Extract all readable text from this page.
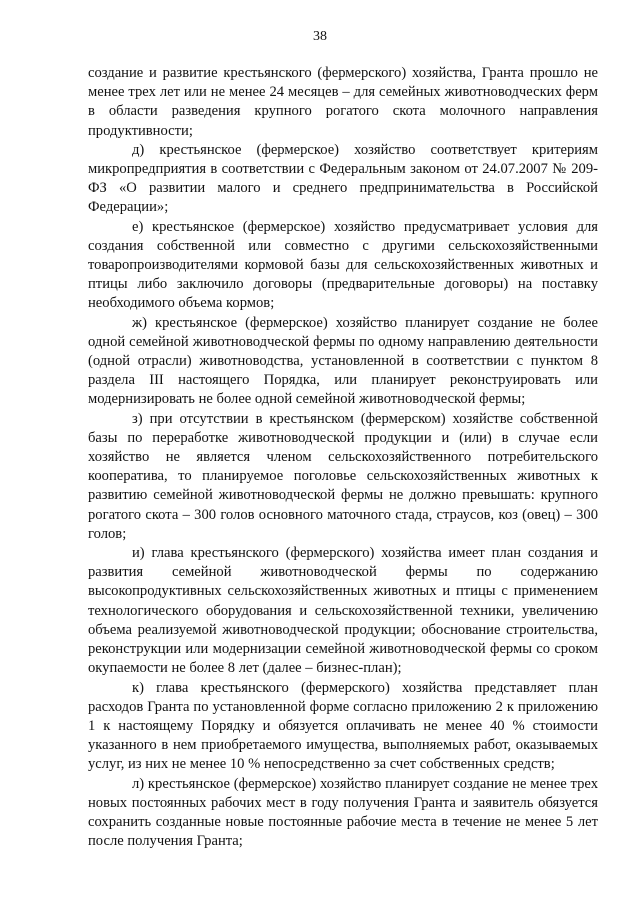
38

создание и развитие крестьянского (фермерского) хозяйства, Гранта прошло не менее трех лет или не менее 24 месяцев – для семейных животноводческих ферм в области разведения крупного рогатого скота молочного направления продуктивности;

д) крестьянское (фермерское) хозяйство соответствует критериям микропредприятия в соответствии с Федеральным законом от 24.07.2007 № 209-ФЗ «О развитии малого и среднего предпринимательства в Российской Федерации»;

е) крестьянское (фермерское) хозяйство предусматривает условия для создания собственной или совместно с другими сельскохозяйственными товаропроизводителями кормовой базы для сельскохозяйственных животных и птицы либо заключило договоры (предварительные договоры) на поставку необходимого объема кормов;

ж) крестьянское (фермерское) хозяйство планирует создание не более одной семейной животноводческой фермы по одному направлению деятельности (одной отрасли) животноводства, установленной в соответствии с пунктом 8 раздела III настоящего Порядка, или планирует реконструировать или модернизировать не более одной семейной животноводческой фермы;

з) при отсутствии в крестьянском (фермерском) хозяйстве собственной базы по переработке животноводческой продукции и (или) в случае если хозяйство не является членом сельскохозяйственного потребительского кооператива, то планируемое поголовье сельскохозяйственных животных к развитию семейной животноводческой фермы не должно превышать: крупного рогатого скота – 300 голов основного маточного стада, страусов, коз (овец) – 300 голов;

и) глава крестьянского (фермерского) хозяйства имеет план создания и развития семейной животноводческой фермы по содержанию высокопродуктивных сельскохозяйственных животных и птицы с применением технологического оборудования и сельскохозяйственной техники, увеличению объема реализуемой животноводческой продукции; обоснование строительства, реконструкции или модернизации семейной животноводческой фермы со сроком окупаемости не более 8 лет (далее – бизнес-план);

к) глава крестьянского (фермерского) хозяйства представляет план расходов Гранта по установленной форме согласно приложению 2 к приложению 1 к настоящему Порядку и обязуется оплачивать не менее 40 % стоимости указанного в нем приобретаемого имущества, выполняемых работ, оказываемых услуг, из них не менее 10 % непосредственно за счет собственных средств;

л) крестьянское (фермерское) хозяйство планирует создание не менее трех новых постоянных рабочих мест в году получения Гранта и заявитель обязуется сохранить созданные новые постоянные рабочие места в течение не менее 5 лет после получения Гранта;
